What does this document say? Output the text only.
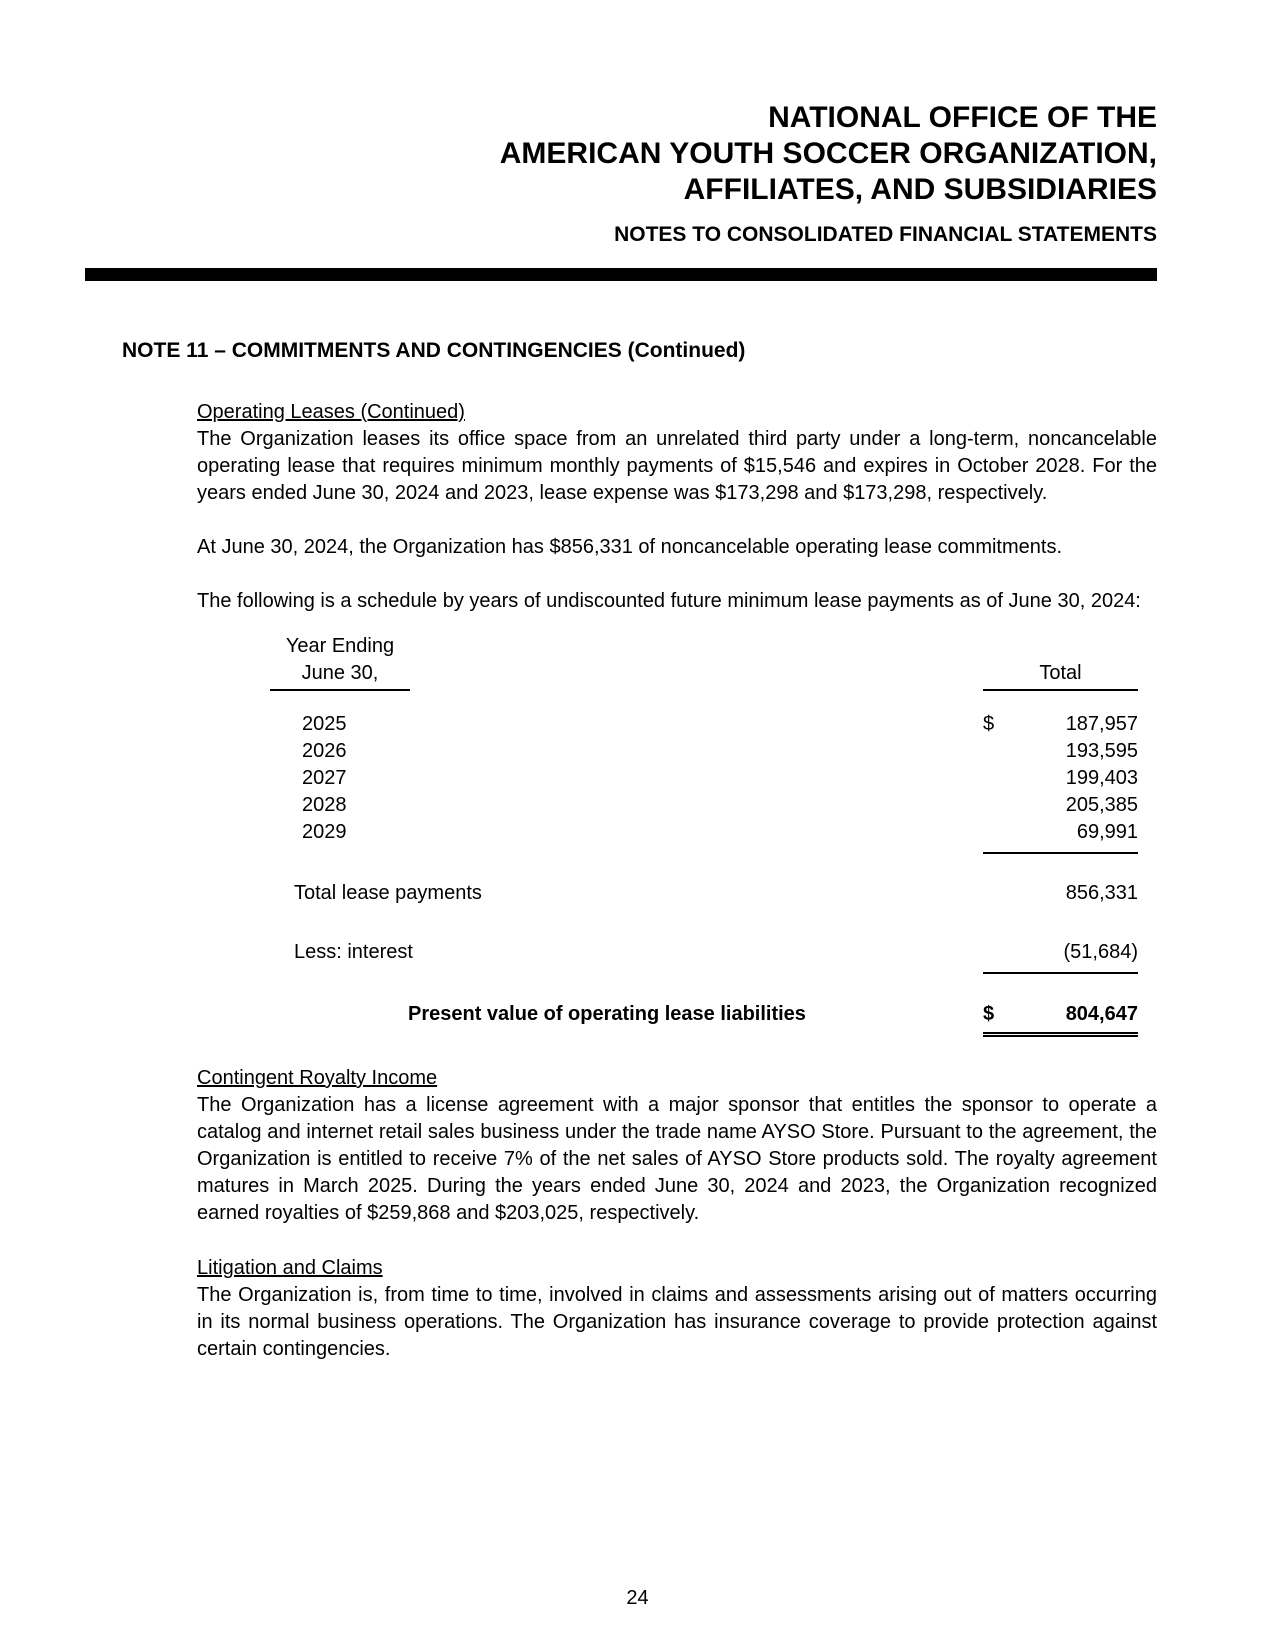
NATIONAL OFFICE OF THE
AMERICAN YOUTH SOCCER ORGANIZATION,
AFFILIATES, AND SUBSIDIARIES
NOTES TO CONSOLIDATED FINANCIAL STATEMENTS
NOTE 11 – COMMITMENTS AND CONTINGENCIES (Continued)
Operating Leases (Continued)

The Organization leases its office space from an unrelated third party under a long-term, noncancelable operating lease that requires minimum monthly payments of $15,546 and expires in October 2028. For the years ended June 30, 2024 and 2023, lease expense was $173,298 and $173,298, respectively.

At June 30, 2024, the Organization has $856,331 of noncancelable operating lease commitments.

The following is a schedule by years of undiscounted future minimum lease payments as of June 30, 2024:

Year Ending
June 30,	Total
2025	$	187,957
2026	193,595
2027	199,403
2028	205,385
2029	69,991
Total lease payments	856,331
Less: interest	(51,684)
Present value of operating lease liabilities	$	804,647
Contingent Royalty Income

The Organization has a license agreement with a major sponsor that entitles the sponsor to operate a catalog and internet retail sales business under the trade name AYSO Store. Pursuant to the agreement, the Organization is entitled to receive 7% of the net sales of AYSO Store products sold. The royalty agreement matures in March 2025. During the years ended June 30, 2024 and 2023, the Organization recognized earned royalties of $259,868 and $203,025, respectively.

Litigation and Claims

The Organization is, from time to time, involved in claims and assessments arising out of matters occurring in its normal business operations. The Organization has insurance coverage to provide protection against certain contingencies.

24
